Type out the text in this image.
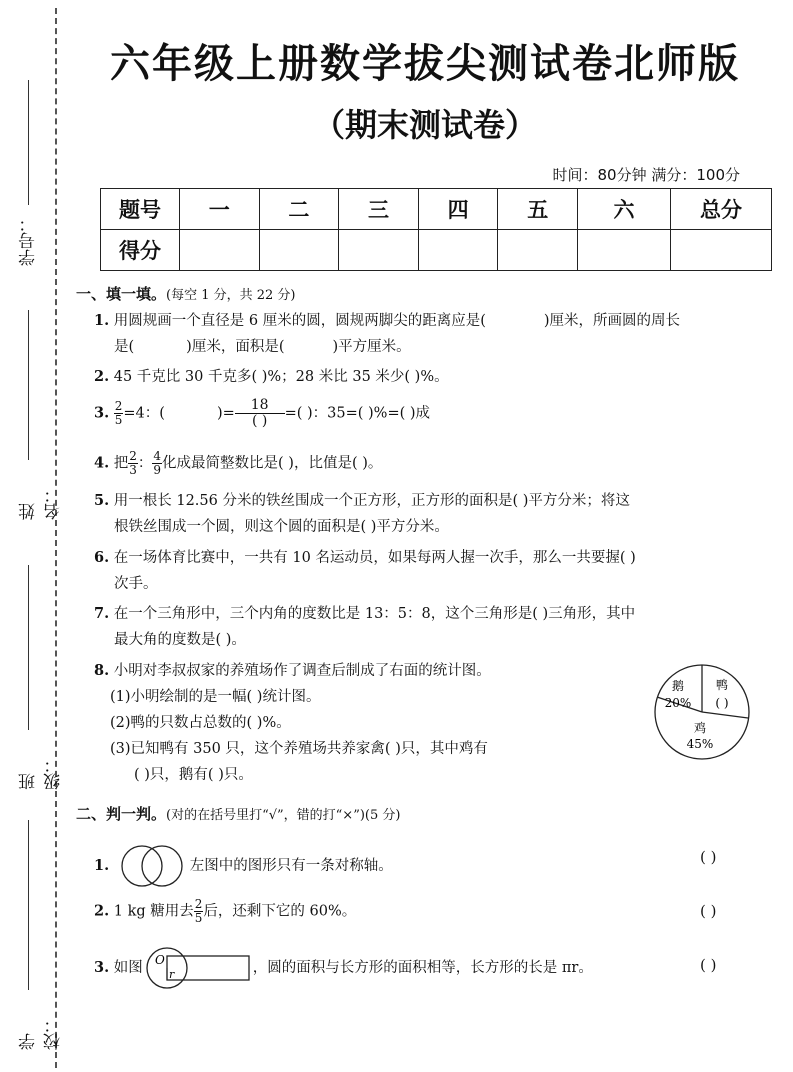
学号：
姓名：
班级：
学校：
六年级上册数学拔尖测试卷北师版
（期末测试卷）
时间：80分钟 满分：100分
题号	一	二	三	四	五	六	总分
得分							
一、填一填。(每空 1 分，共 22 分)
1. 用圆规画一个直径是 6 厘米的圆，圆规两脚尖的距离应是(	)厘米，所画圆的周长
是(	)厘米，面积是(	)平方厘米。
2. 45 千克比 30 千克多( )%；28 米比 35 米少( )%。
3. $\frac{2}{5} =4$：(	)= $\frac{18}{( )}$ =( )：35=( )%=( )成
4. 把 $\frac{2}{3}$ ： $\frac{4}{9}$ 化成最简整数比是( )，比值是( )。
5. 用一根长 12.56 分米的铁丝围成一个正方形，正方形的面积是( )平方分米；将这
根铁丝围成一个圆，则这个圆的面积是( )平方分米。
6. 在一场体育比赛中，一共有 10 名运动员，如果每两人握一次手，那么一共要握( )
次手。
7. 在一个三角形中，三个内角的度数比是 13：5：8，这个三角形是( )三角形，其中
最大角的度数是( )。
8. 小明对李叔叔家的养殖场作了调查后制成了右面的统计图。
(1)小明绘制的是一幅( )统计图。
(2)鸭的只数占总数的( )%。
(3)已知鸭有 350 只，这个养殖场共养家禽( )只，其中鸡有
( )只，鹅有( )只。
鹅
20%
鸭
( )
鸡
45%
二、判一判。(对的在括号里打“√”，错的打“×”)(5 分)
1.	左图中的图形只有一条对称轴。	( )
2. 1 kg 糖用去 $\frac{2}{5}$ 后，还剩下它的 60%。	( )
3. 如图 O
r	，圆的面积与长方形的面积相等，长方形的长是 πr。	( )
